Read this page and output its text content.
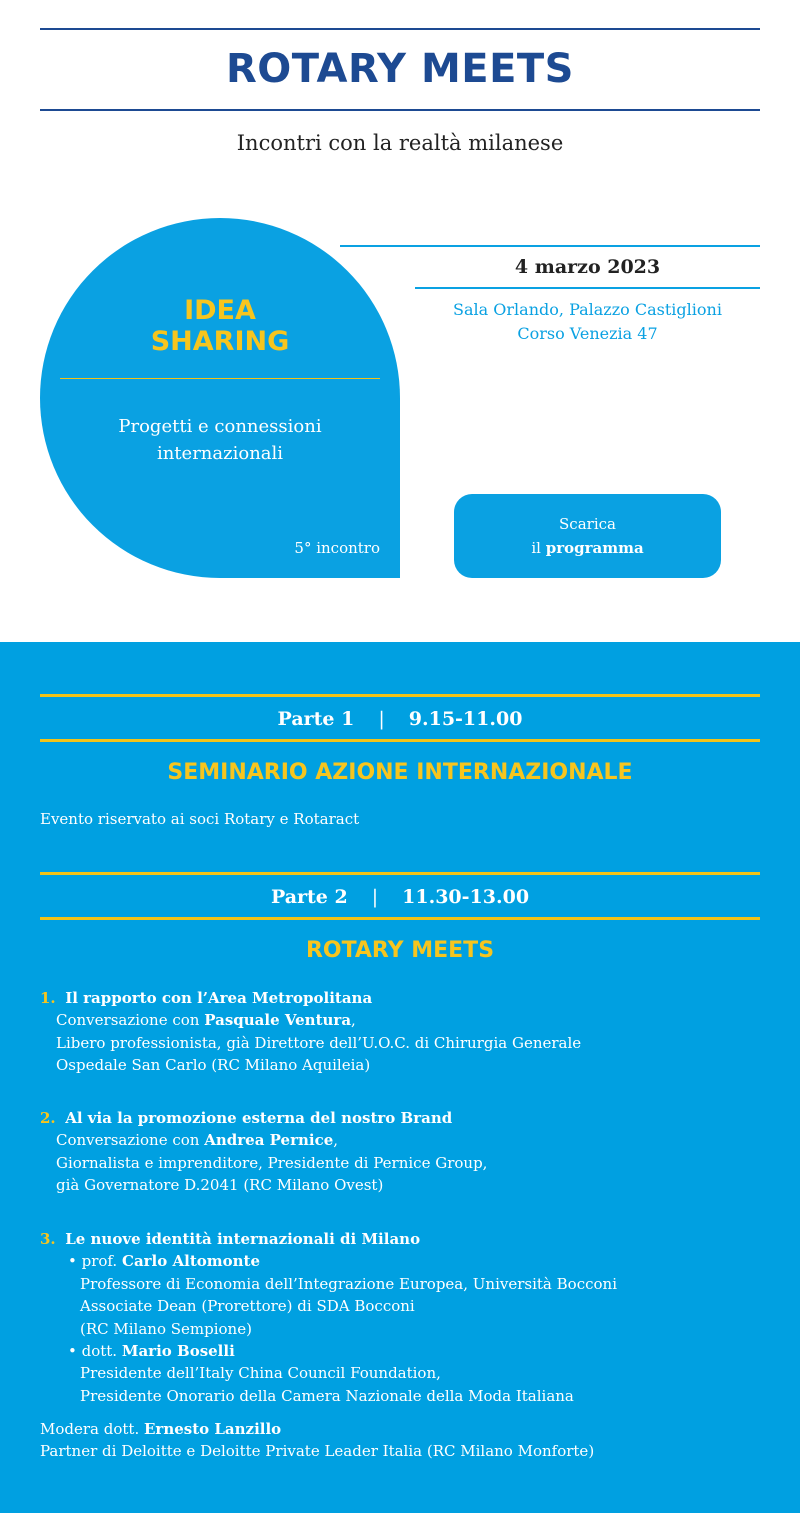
ROTARY MEETS
Incontri con la realtà milanese
IDEA
SHARING
Progetti e connessioni
internazionali
5° incontro
4 marzo 2023
Sala Orlando, Palazzo Castiglioni
Corso Venezia 47
Scarica
il programma
Parte 1 | 9.15-11.00
SEMINARIO AZIONE INTERNAZIONALE
Evento riservato ai soci Rotary e Rotaract
Parte 2 | 11.30-13.00
ROTARY MEETS
1. Il rapporto con l’Area Metropolitana
Conversazione con Pasquale Ventura,
Libero professionista, già Direttore dell’U.O.C. di Chirurgia Generale
Ospedale San Carlo (RC Milano Aquileia)
2. Al via la promozione esterna del nostro Brand
Conversazione con Andrea Pernice,
Giornalista e imprenditore, Presidente di Pernice Group,
già Governatore D.2041 (RC Milano Ovest)
3. Le nuove identità internazionali di Milano
• prof. Carlo Altomonte
Professore di Economia dell’Integrazione Europea, Università Bocconi
Associate Dean (Prorettore) di SDA Bocconi
(RC Milano Sempione)
• dott. Mario Boselli
Presidente dell’Italy China Council Foundation,
Presidente Onorario della Camera Nazionale della Moda Italiana
Modera dott. Ernesto Lanzillo
Partner di Deloitte e Deloitte Private Leader Italia (RC Milano Monforte)
